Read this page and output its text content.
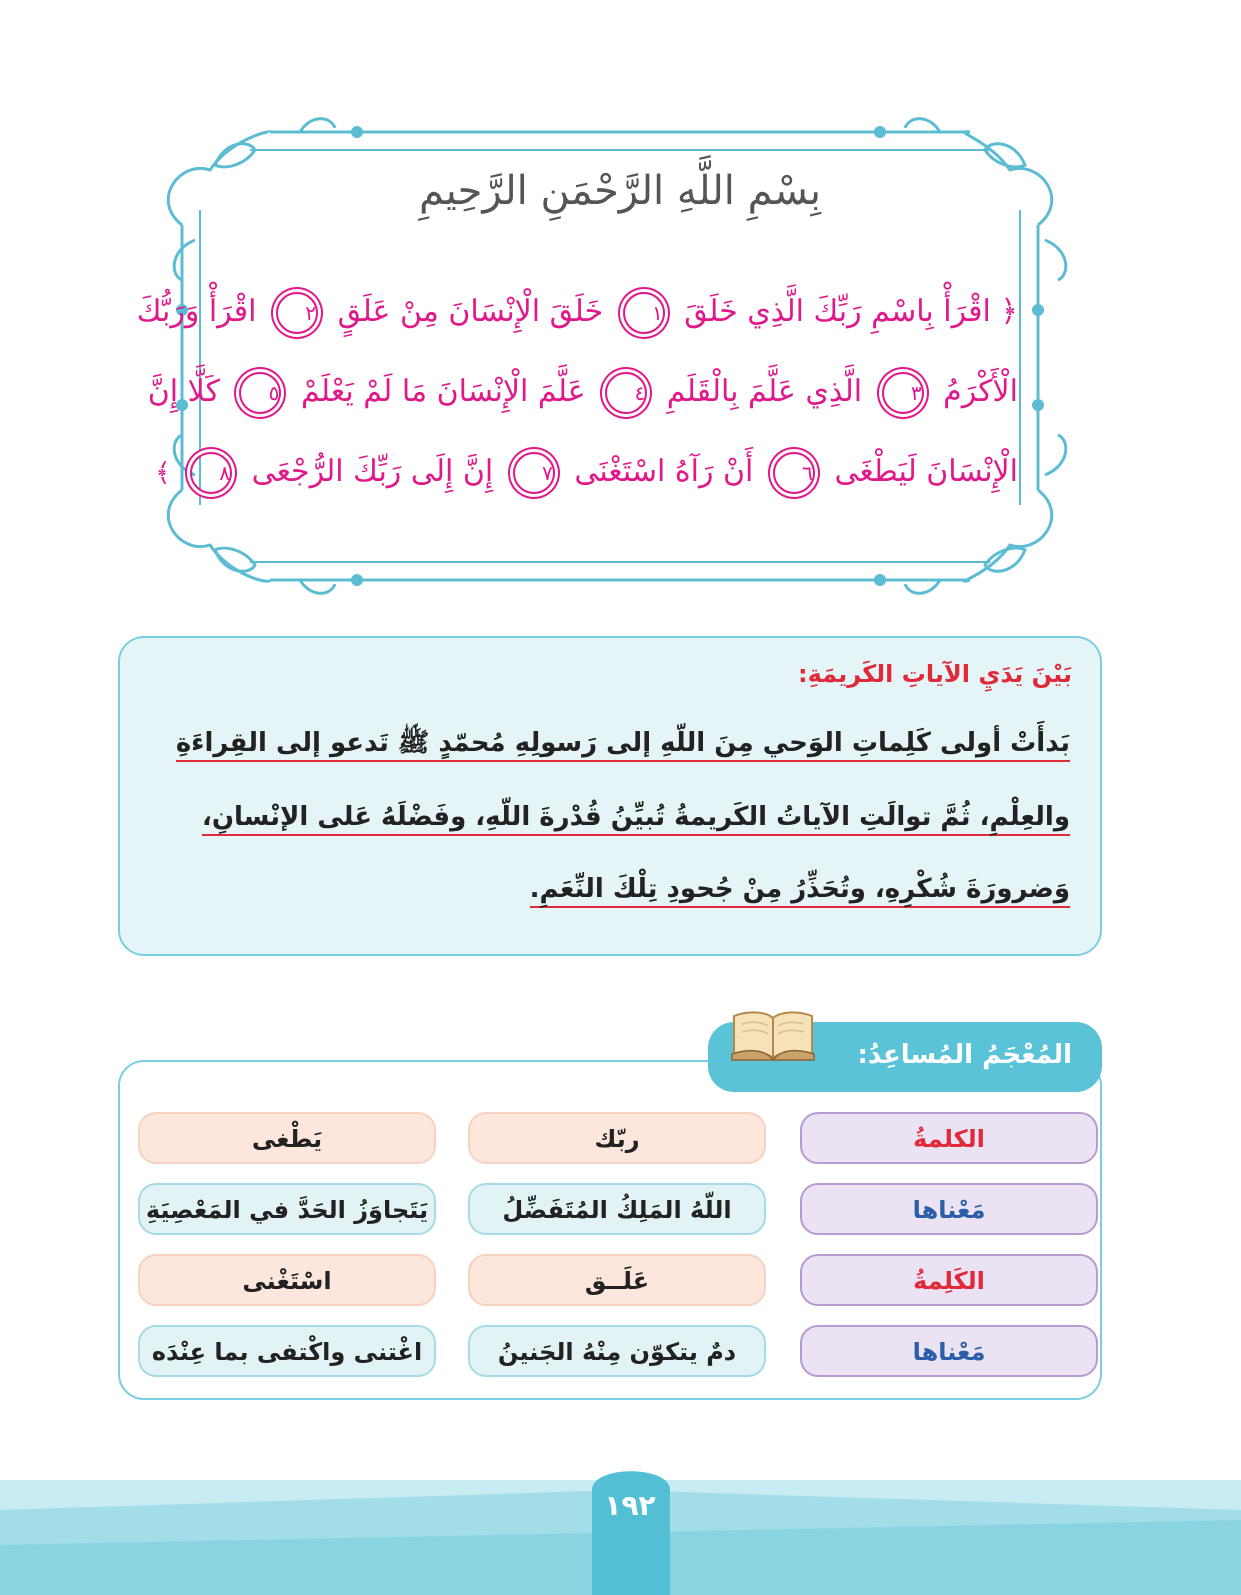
بِسْمِ اللَّهِ الرَّحْمَنِ الرَّحِيمِ
﴿ اقْرَأْ بِاسْمِ رَبِّكَ الَّذِي خَلَقَ ١ خَلَقَ الْإِنْسَانَ مِنْ عَلَقٍ ٢ اقْرَأْ وَرَبُّكَ
الْأَكْرَمُ ٣ الَّذِي عَلَّمَ بِالْقَلَمِ ٤ عَلَّمَ الْإِنْسَانَ مَا لَمْ يَعْلَمْ ٥ كَلَّا إِنَّ
الْإِنْسَانَ لَيَطْغَى ٦ أَنْ رَآهُ اسْتَغْنَى ٧ إِنَّ إِلَى رَبِّكَ الرُّجْعَى ٨ ﴾
بَيْنَ يَدَيِ الآياتِ الكَريمَةِ:
بَدأَتْ أولى كَلِماتِ الوَحي مِنَ اللّهِ إلى رَسولِهِ مُحمّدٍ ﷺ تَدعو إلى القِراءَةِ
والعِلْمِ، ثُمَّ توالَتِ الآياتُ الكَريمةُ تُبيِّنُ قُدْرةَ اللّهِ، وفَضْلَهُ عَلى الإنْسانِ،
وَضرورَةَ شُكْرِهِ، وتُحَذِّرُ مِنْ جُحودِ تِلْكَ النِّعَمِ.
المُعْجَمُ المُساعِدُ:
الكلمةُ
ربّك
يَطْغى
مَعْناها
اللّهُ المَلِكُ المُتَفَضِّلُ
يَتَجاوَزُ الحَدَّ في المَعْصِيَةِ
الكَلِمةُ
عَلَــق
اسْتَغْنى
مَعْناها
دمٌ يتكوّن مِنْهُ الجَنينُ
اغْتنى واكْتفى بما عِنْدَه
١٩٢
